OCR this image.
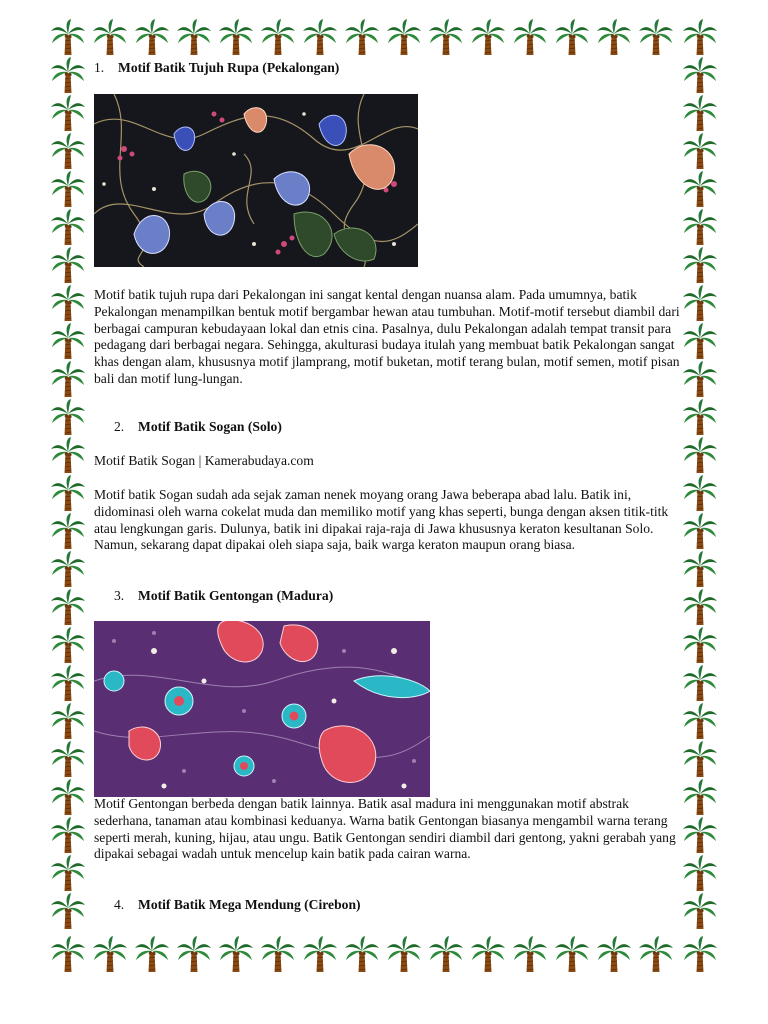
1. Motif Batik Tujuh Rupa (Pekalongan)

Motif batik tujuh rupa dari Pekalongan ini sangat kental dengan nuansa alam. Pada umumnya, batik Pekalongan menampilkan bentuk motif bergambar hewan atau tumbuhan. Motif-motif tersebut diambil dari berbagai campuran kebudayaan lokal dan etnis cina. Pasalnya, dulu Pekalongan adalah tempat transit para pedagang dari berbagai negara. Sehingga, akulturasi budaya itulah yang membuat batik Pekalongan sangat khas dengan alam, khususnya motif jlamprang, motif buketan, motif terang bulan, motif semen, motif pisan bali dan motif lung-lungan.

2. Motif Batik Sogan (Solo)

Motif Batik Sogan | Kamerabudaya.com

Motif batik Sogan sudah ada sejak zaman nenek moyang orang Jawa beberapa abad lalu. Batik ini, didominasi oleh warna cokelat muda dan memiliko motif yang khas seperti, bunga dengan aksen titik-titk atau lengkungan garis. Dulunya, batik ini dipakai raja-raja di Jawa khususnya keraton kesultanan Solo. Namun, sekarang dapat dipakai oleh siapa saja, baik warga keraton maupun orang biasa.

3. Motif Batik Gentongan (Madura)

Motif Gentongan berbeda dengan batik lainnya. Batik asal madura ini menggunakan motif abstrak sederhana, tanaman atau kombinasi keduanya. Warna batik Gentongan biasanya mengambil warna terang seperti merah, kuning, hijau, atau ungu. Batik Gentongan sendiri diambil dari gentong, yakni gerabah yang dipakai sebagai wadah untuk mencelup kain batik pada cairan warna.

4. Motif Batik Mega Mendung (Cirebon)
